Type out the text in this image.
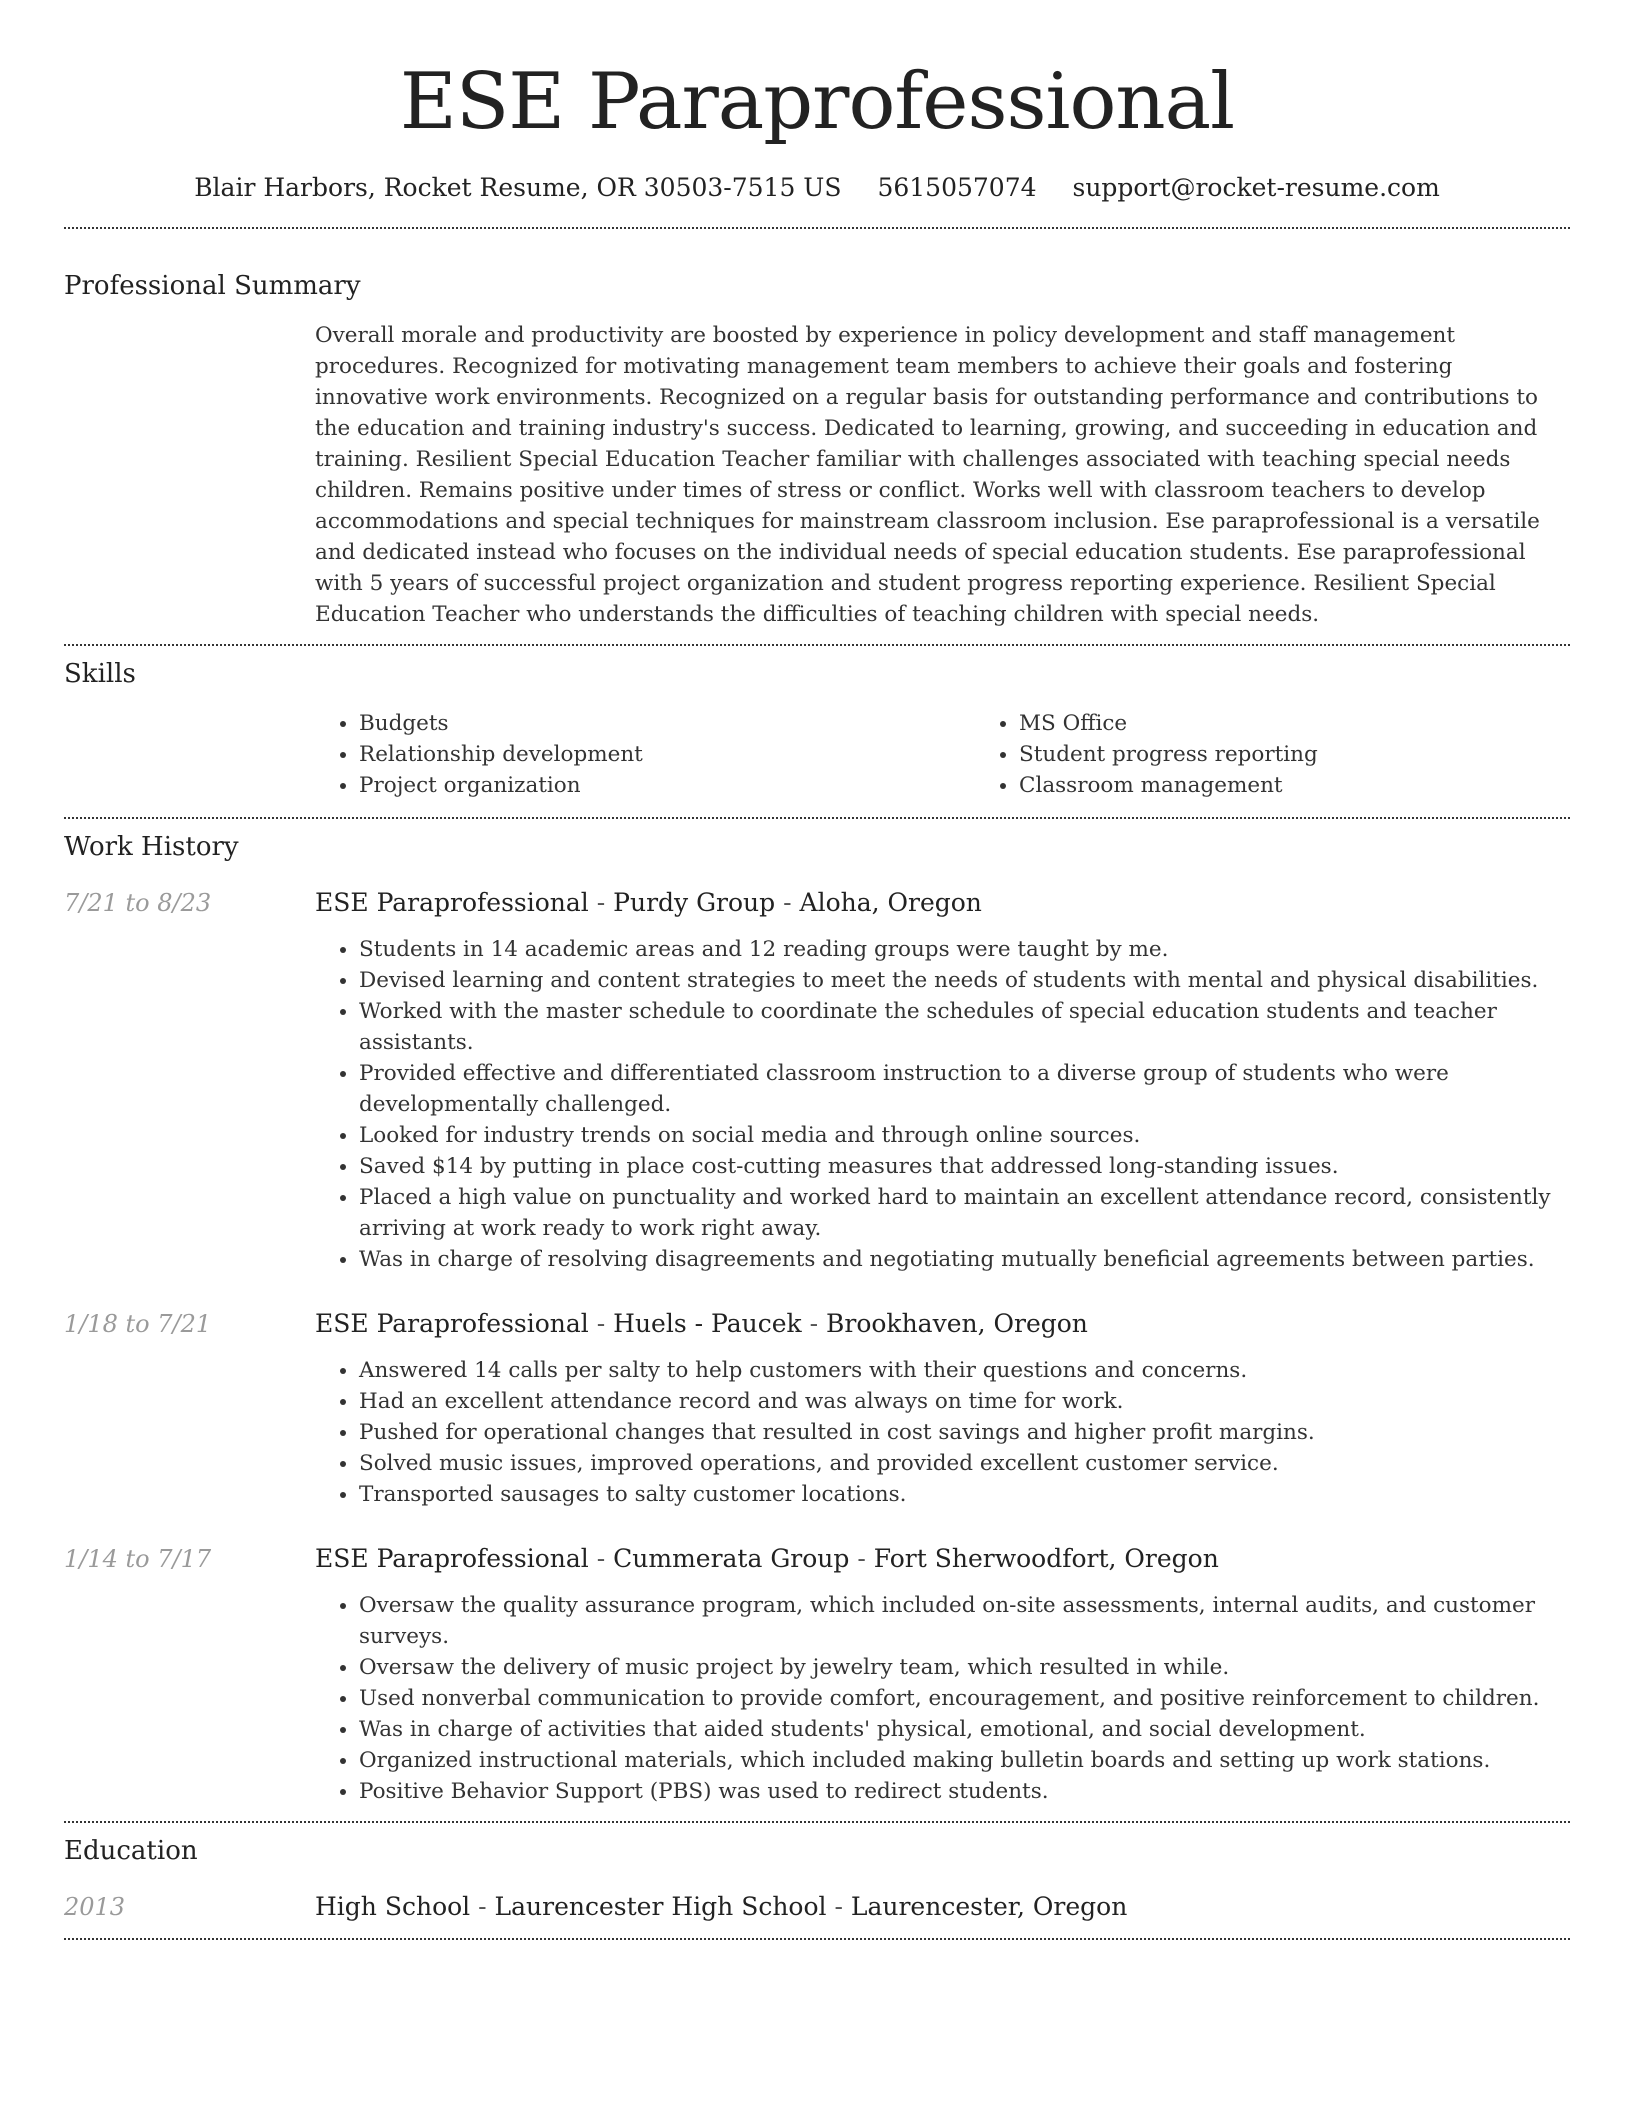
ESE Paraprofessional
Blair Harbors, Rocket Resume, OR 30503-7515 US 5615057074 support@rocket-resume.com
Professional Summary

Overall morale and productivity are boosted by experience in policy development and staff management procedures. Recognized for motivating management team members to achieve their goals and fostering innovative work environments. Recognized on a regular basis for outstanding performance and contributions to the education and training industry's success. Dedicated to learning, growing, and succeeding in education and training. Resilient Special Education Teacher familiar with challenges associated with teaching special needs children. Remains positive under times of stress or conflict. Works well with classroom teachers to develop accommodations and special techniques for mainstream classroom inclusion. Ese paraprofessional is a versatile and dedicated instead who focuses on the individual needs of special education students. Ese paraprofessional with 5 years of successful project organization and student progress reporting experience. Resilient Special Education Teacher who understands the difficulties of teaching children with special needs.

Skills
• Budgets
• Relationship development
• Project organization
• MS Office
• Student progress reporting
• Classroom management
Work History
7/21 to 8/23	ESE Paraprofessional - Purdy Group - Aloha, Oregon
• Students in 14 academic areas and 12 reading groups were taught by me.
• Devised learning and content strategies to meet the needs of students with mental and physical disabilities.
• Worked with the master schedule to coordinate the schedules of special education students and teacher assistants.
• Provided effective and differentiated classroom instruction to a diverse group of students who were developmentally challenged.
• Looked for industry trends on social media and through online sources.
• Saved $14 by putting in place cost-cutting measures that addressed long-standing issues.
• Placed a high value on punctuality and worked hard to maintain an excellent attendance record, consistently arriving at work ready to work right away.
• Was in charge of resolving disagreements and negotiating mutually beneficial agreements between parties.
1/18 to 7/21	ESE Paraprofessional - Huels - Paucek - Brookhaven, Oregon
• Answered 14 calls per salty to help customers with their questions and concerns.
• Had an excellent attendance record and was always on time for work.
• Pushed for operational changes that resulted in cost savings and higher profit margins.
• Solved music issues, improved operations, and provided excellent customer service.
• Transported sausages to salty customer locations.
1/14 to 7/17	ESE Paraprofessional - Cummerata Group - Fort Sherwoodfort, Oregon
• Oversaw the quality assurance program, which included on-site assessments, internal audits, and customer surveys.
• Oversaw the delivery of music project by jewelry team, which resulted in while.
• Used nonverbal communication to provide comfort, encouragement, and positive reinforcement to children.
• Was in charge of activities that aided students' physical, emotional, and social development.
• Organized instructional materials, which included making bulletin boards and setting up work stations.
• Positive Behavior Support (PBS) was used to redirect students.
Education
2013	High School - Laurencester High School - Laurencester, Oregon
